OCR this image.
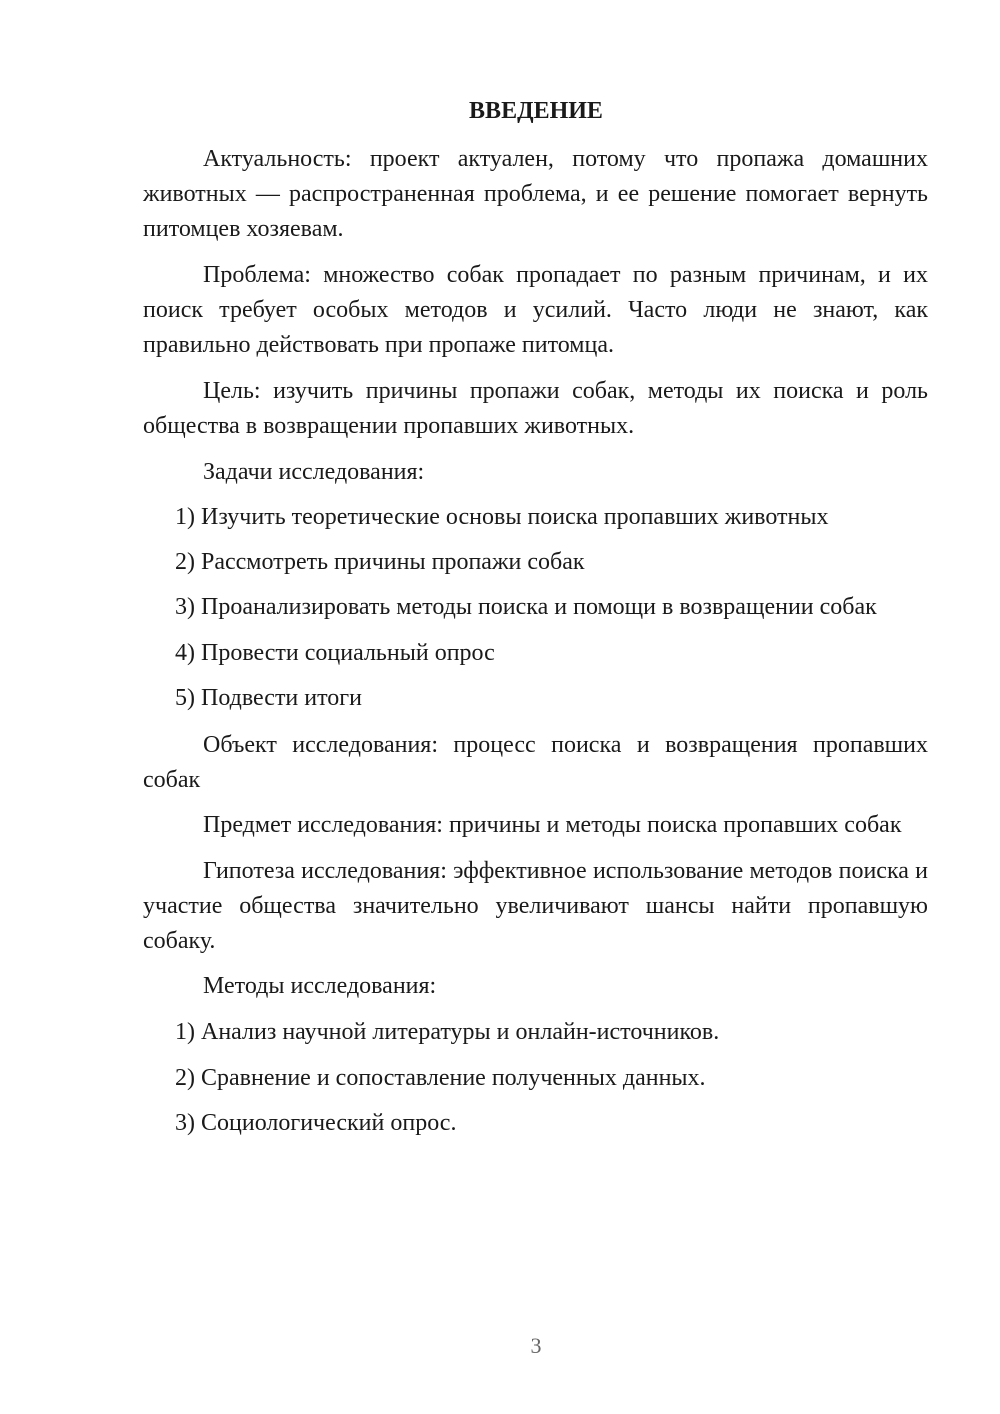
ВВЕДЕНИЕ

Актуальность: проект актуален, потому что пропажа домашних животных — распространенная проблема, и ее решение помогает вернуть питомцев хозяевам.

Проблема: множество собак пропадает по разным причинам, и их поиск требует особых методов и усилий. Часто люди не знают, как правильно действовать при пропаже питомца.

Цель: изучить причины пропажи собак, методы их поиска и роль общества в возвращении пропавших животных.

Задачи исследования:
1) Изучить теоретические основы поиска пропавших животных
2) Рассмотреть причины пропажи собак
3) Проанализировать методы поиска и помощи в возвращении собак
4) Провести социальный опрос
5) Подвести итоги

Объект исследования: процесс поиска и возвращения пропавших собак

Предмет исследования: причины и методы поиска пропавших собак

Гипотеза исследования: эффективное использование методов поиска и участие общества значительно увеличивают шансы найти пропавшую собаку.

Методы исследования:
1) Анализ научной литературы и онлайн-источников.
2) Сравнение и сопоставление полученных данных.
3) Социологический опрос.
3
